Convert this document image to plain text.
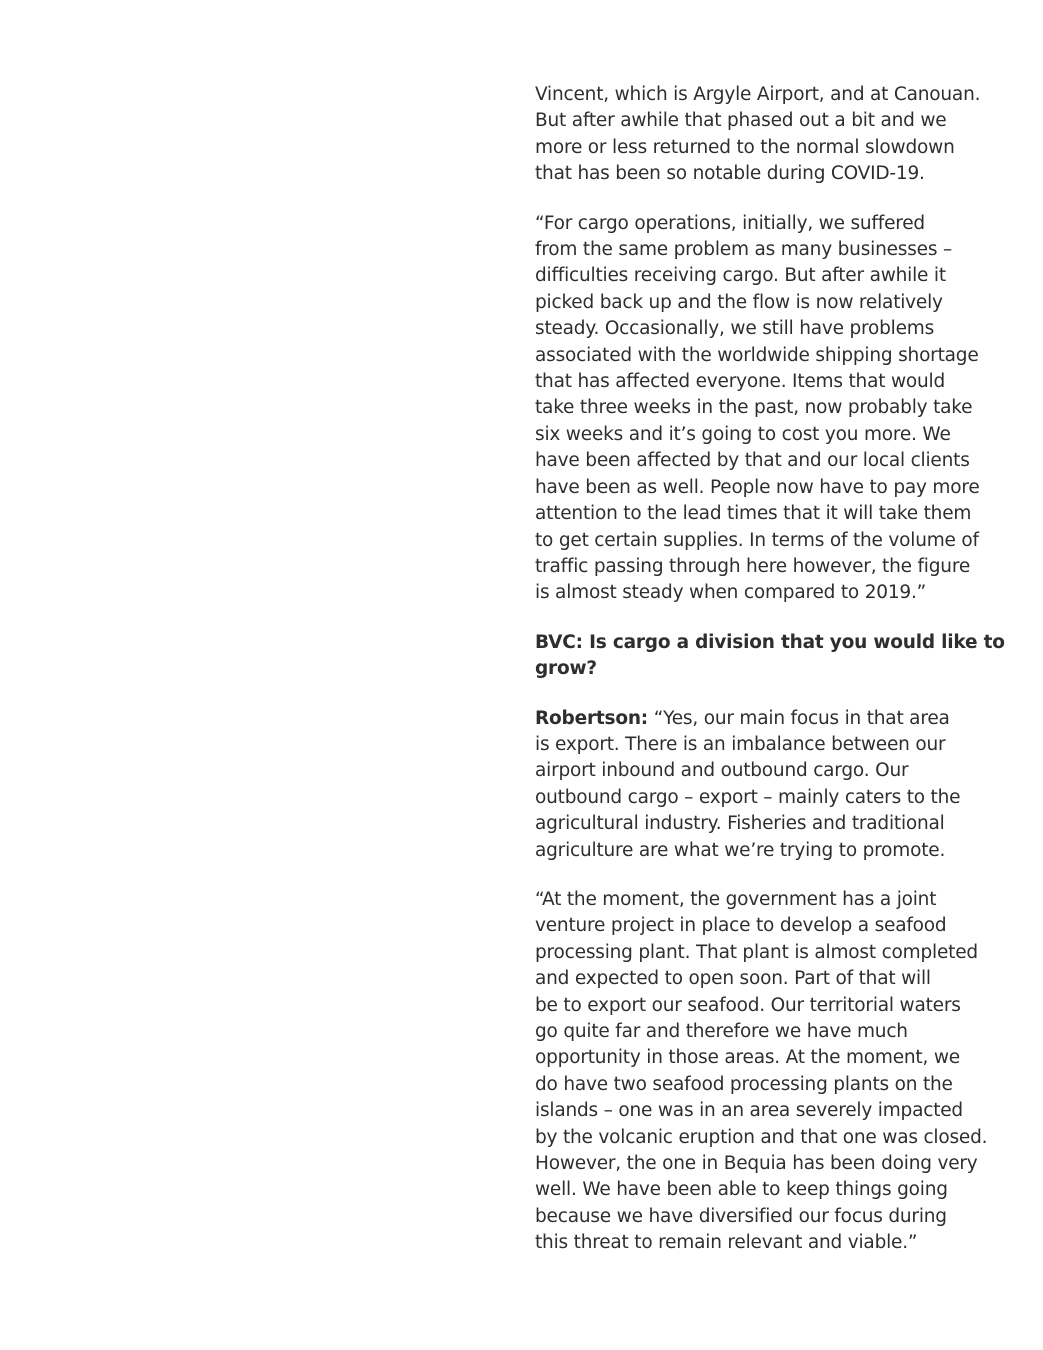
Vincent, which is Argyle Airport, and at Canouan.
But after awhile that phased out a bit and we
more or less returned to the normal slowdown
that has been so notable during COVID-19.

“For cargo operations, initially, we suffered
from the same problem as many businesses –
difficulties receiving cargo. But after awhile it
picked back up and the flow is now relatively
steady. Occasionally, we still have problems
associated with the worldwide shipping shortage
that has affected everyone. Items that would
take three weeks in the past, now probably take
six weeks and it’s going to cost you more. We
have been affected by that and our local clients
have been as well. People now have to pay more
attention to the lead times that it will take them
to get certain supplies. In terms of the volume of
traffic passing through here however, the figure
is almost steady when compared to 2019.”

BVC: Is cargo a division that you would like to
grow?

Robertson: “Yes, our main focus in that area
is export. There is an imbalance between our
airport inbound and outbound cargo. Our
outbound cargo – export – mainly caters to the
agricultural industry. Fisheries and traditional
agriculture are what we’re trying to promote.

“At the moment, the government has a joint
venture project in place to develop a seafood
processing plant. That plant is almost completed
and expected to open soon. Part of that will
be to export our seafood. Our territorial waters
go quite far and therefore we have much
opportunity in those areas. At the moment, we
do have two seafood processing plants on the
islands – one was in an area severely impacted
by the volcanic eruption and that one was closed.
However, the one in Bequia has been doing very
well. We have been able to keep things going
because we have diversified our focus during
this threat to remain relevant and viable.”
